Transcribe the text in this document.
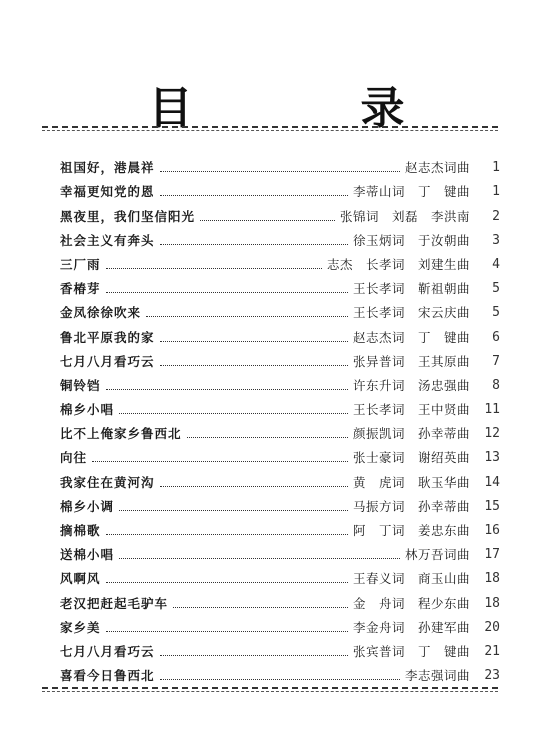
目　录
祖国好，港晨祥	赵志杰词曲	1
幸福更知党的恩	李蒂山词　丁　键曲	1
黑夜里，我们坚信阳光	张锦词　刘磊　李洪南	2
社会主义有奔头	徐玉炳词　于汝朝曲	3
三厂雨	志杰　长孝词　刘建生曲	4
香椿芽	王长孝词　靳祖朝曲	5
金凤徐徐吹来	王长孝词　宋云庆曲	5
鲁北平原我的家	赵志杰词　丁　键曲	6
七月八月看巧云	张异普词　王其原曲	7
铜铃铛	许东升词　汤忠强曲	8
棉乡小唱	王长孝词　王中贤曲	11
比不上俺家乡鲁西北	颜振凯词　孙幸蒂曲	12
向往	张士豪词　谢绍英曲	13
我家住在黄河沟	黄　虎词　耿玉华曲	14
棉乡小调	马振方词　孙幸蒂曲	15
摘棉歌	阿　丁词　姜忠东曲	16
送棉小唱	林万吾词曲	17
风啊风	王春义词　商玉山曲	18
老汉把赶起毛驴车	金　舟词　程少东曲	18
家乡美	李金舟词　孙建军曲	20
七月八月看巧云	张宾普词　丁　键曲	21
喜看今日鲁西北	李志强词曲	23
